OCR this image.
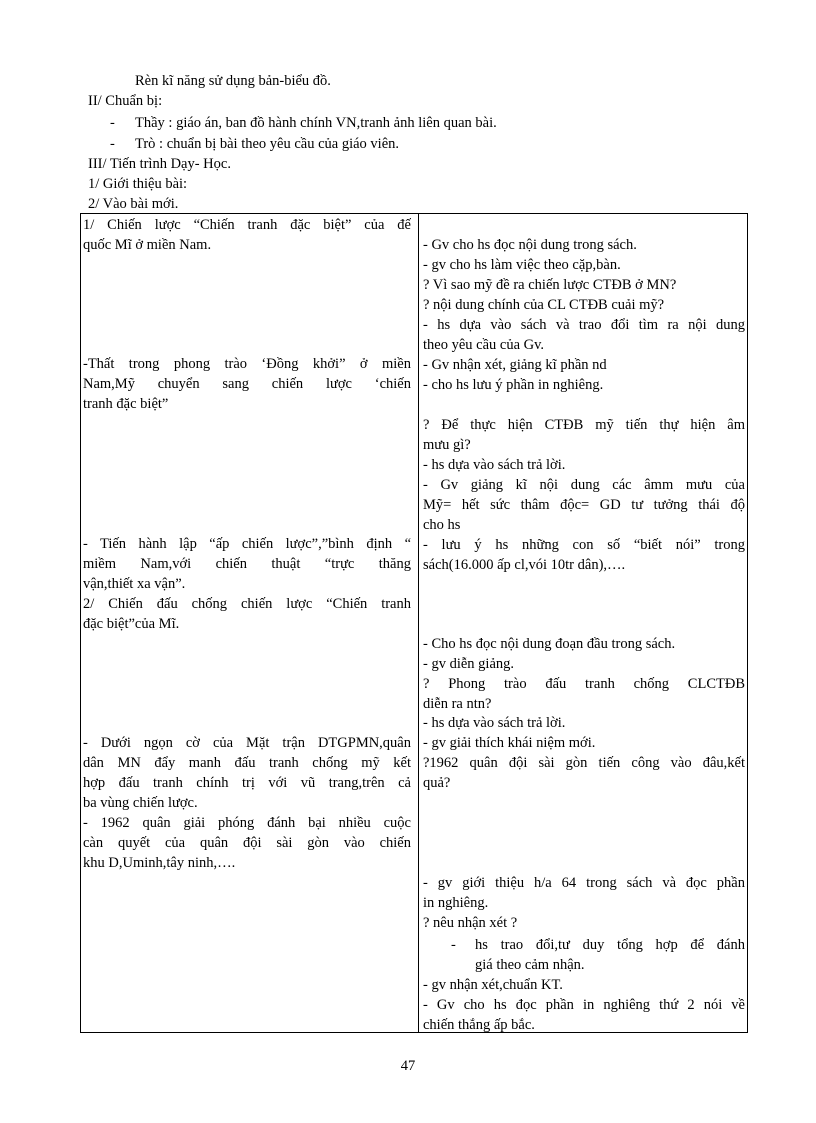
Rèn kĩ năng sử dụng bản-biểu đồ.
II/ Chuẩn bị:
- Thầy : giáo án, ban đồ hành chính VN,tranh ảnh liên quan bài.
- Trò : chuẩn bị bài theo yêu cầu của giáo viên.
III/ Tiến trình Dạy- Học.
1/ Giới thiệu bài:
2/ Vào bài mới.
1/ Chiến lược “Chiến tranh đặc biệt” của đế
quốc Mĩ ở miền Nam.
-Thất trong phong trào ‘Đồng khởi” ở miền
Nam,Mỹ chuyển sang chiến lược ‘chiến
tranh đặc biệt”
- Tiến hành lập “ấp chiến lược”,”bình định “
miềm Nam,với chiến thuật “trực thăng
vận,thiết xa vận”.
2/ Chiến đấu chống chiến lược “Chiến tranh
đặc biệt”của Mĩ.
- Dưới ngọn cờ của Mặt trận DTGPMN,quân
dân MN đẩy manh đấu tranh chống mỹ kết
hợp đấu tranh chính trị với vũ trang,trên cả
ba vùng chiến lược.
- 1962 quân giải phóng đánh bại nhiều cuộc
càn quyết của quân đội sài gòn vào chiến
khu D,Uminh,tây ninh,….
- Gv cho hs đọc nội dung trong sách.
- gv cho hs làm việc theo cặp,bàn.
? Vì sao mỹ đề ra chiến lược CTĐB ở MN?
? nội dung chính của CL CTĐB cuải mỹ?
- hs dựa vào sách và trao đổi tìm ra nội dung
theo yêu cầu của Gv.
- Gv nhận xét, giảng kĩ phần nd
- cho hs lưu ý phần in nghiêng.
? Để thực hiện CTĐB mỹ tiến thự hiện âm
mưu gì?
- hs dựa vào sách trả lời.
- Gv giảng kĩ nội dung các âmm mưu của
Mỹ= hết sức thâm độc= GD tư tưởng thái độ
cho hs
- lưu ý hs những con số “biết nói” trong
sách(16.000 ấp cl,vói 10tr dân),….
- Cho hs đọc nội dung đoạn đầu trong sách.
- gv diễn giảng.
? Phong trào đấu tranh chống CLCTĐB
diễn ra ntn?
- hs dựa vào sách trả lời.
- gv giải thích khái niệm mới.
?1962 quân đội sài gòn tiến công vào đâu,kết
quả?
- gv giới thiệu h/a 64 trong sách và đọc phần
in nghiêng.
? nêu nhận xét ?
- hs trao đổi,tư duy tổng hợp để đánh
giá theo cảm nhận.
- gv nhận xét,chuẩn KT.
- Gv cho hs đọc phần in nghiêng thứ 2 nói về
chiến thắng ấp bắc.
47
